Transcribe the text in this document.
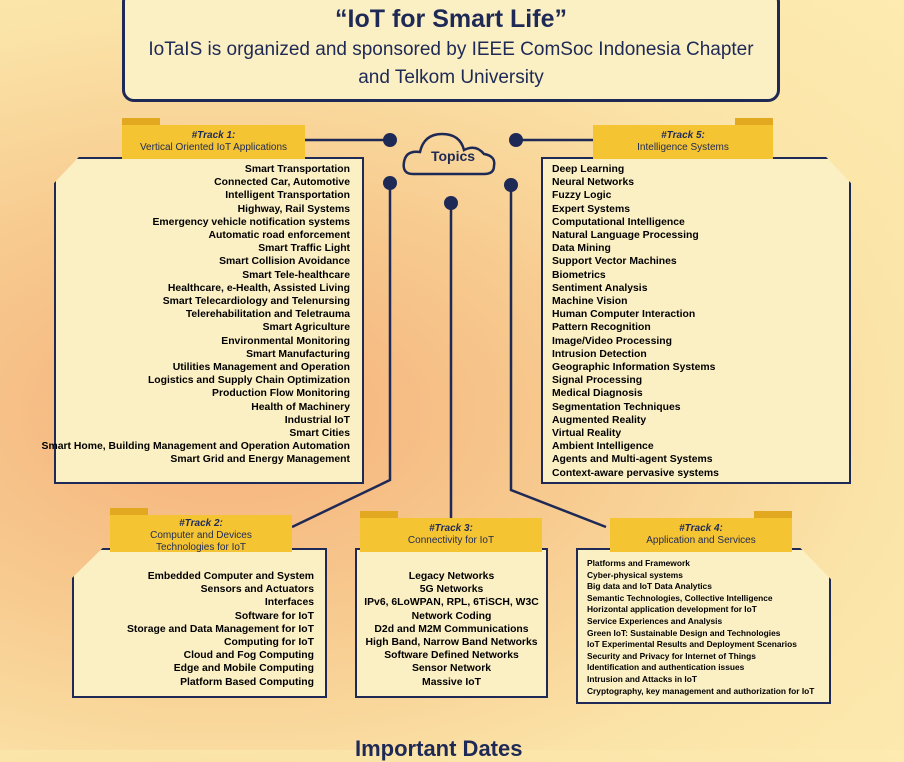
Topics
“IoT for Smart Life”
IoTaIS is organized and sponsored by IEEE ComSoc Indonesia Chapter
and Telkom University
#Track 1:
Vertical Oriented IoT Applications
Smart Transportation
Connected Car, Automotive
Intelligent Transportation
Highway, Rail Systems
Emergency vehicle notification systems
Automatic road enforcement
Smart Traffic Light
Smart Collision Avoidance
Smart Tele-healthcare
Healthcare, e-Health, Assisted Living
Smart Telecardiology and Telenursing
Telerehabilitation and Teletrauma
Smart Agriculture
Environmental Monitoring
Smart Manufacturing
Utilities Management and Operation
Logistics and Supply Chain Optimization
Production Flow Monitoring
Health of Machinery
Industrial IoT
Smart Cities
Smart Home, Building Management and Operation Automation
Smart Grid and Energy Management
#Track 5:
Intelligence Systems
Deep Learning
Neural Networks
Fuzzy Logic
Expert Systems
Computational Intelligence
Natural Language Processing
Data Mining
Support Vector Machines
Biometrics
Sentiment Analysis
Machine Vision
Human Computer Interaction
Pattern Recognition
Image/Video Processing
Intrusion Detection
Geographic Information Systems
Signal Processing
Medical Diagnosis
Segmentation Techniques
Augmented Reality
Virtual Reality
Ambient Intelligence
Agents and Multi-agent Systems
Context-aware pervasive systems
#Track 2:
Computer and Devices
Technologies for IoT
Embedded Computer and System
Sensors and Actuators
Interfaces
Software for IoT
Storage and Data Management for IoT
Computing for IoT
Cloud and Fog Computing
Edge and Mobile Computing
Platform Based Computing
#Track 3:
Connectivity for IoT
Legacy Networks
5G Networks
IPv6, 6LoWPAN, RPL, 6TiSCH, W3C
Network Coding
D2d and M2M Communications
High Band, Narrow Band Networks
Software Defined Networks
Sensor Network
Massive IoT
#Track 4:
Application and Services
Platforms and Framework
Cyber-physical systems
Big data and IoT Data Analytics
Semantic Technologies, Collective Intelligence
Horizontal application development for IoT
Service Experiences and Analysis
Green IoT: Sustainable Design and Technologies
IoT Experimental Results and Deployment Scenarios
Security and Privacy for Internet of Things
Identification and authentication issues
Intrusion and Attacks in IoT
Cryptography, key management and authorization for IoT
Important Dates
